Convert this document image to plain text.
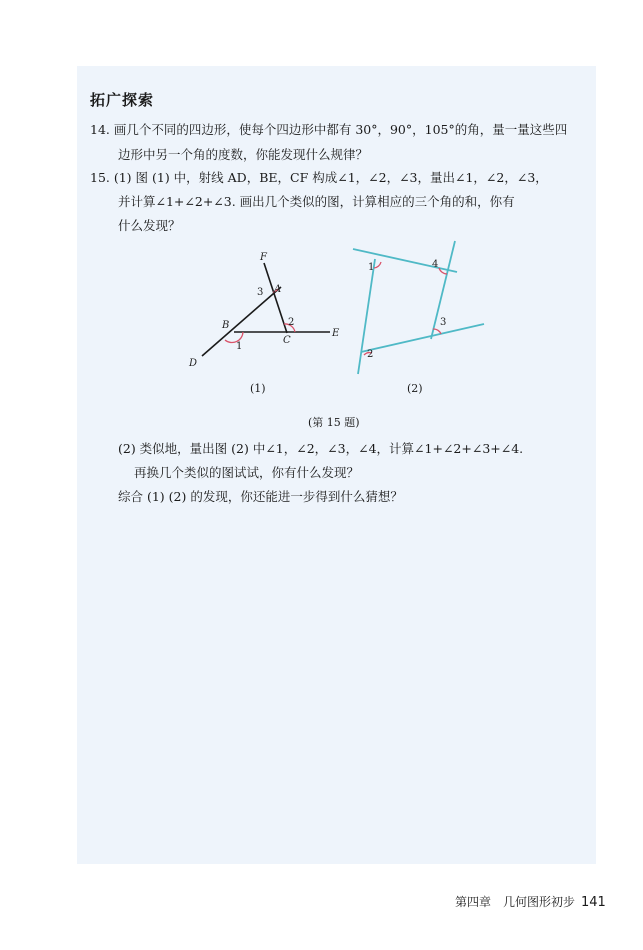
拓广探索
14. 画几个不同的四边形，使每个四边形中都有 30°，90°，105°的角，量一量这些四
边形中另一个角的度数，你能发现什么规律？
15. (1) 图 (1) 中，射线 AD，BE，CF 构成∠1，∠2，∠3，量出∠1，∠2，∠3，
并计算∠1+∠2+∠3. 画出几个类似的图，计算相应的三个角的和，你有
什么发现？
F
A
B
C
D
E
1
2
3
1	4
3
2
(1)	(2)
(第 15 题)
(2) 类似地，量出图 (2) 中∠1，∠2，∠3，∠4，计算∠1+∠2+∠3+∠4.
再换几个类似的图试试，你有什么发现？
综合 (1) (2) 的发现，你还能进一步得到什么猜想？
第四章　几何图形初步 141
